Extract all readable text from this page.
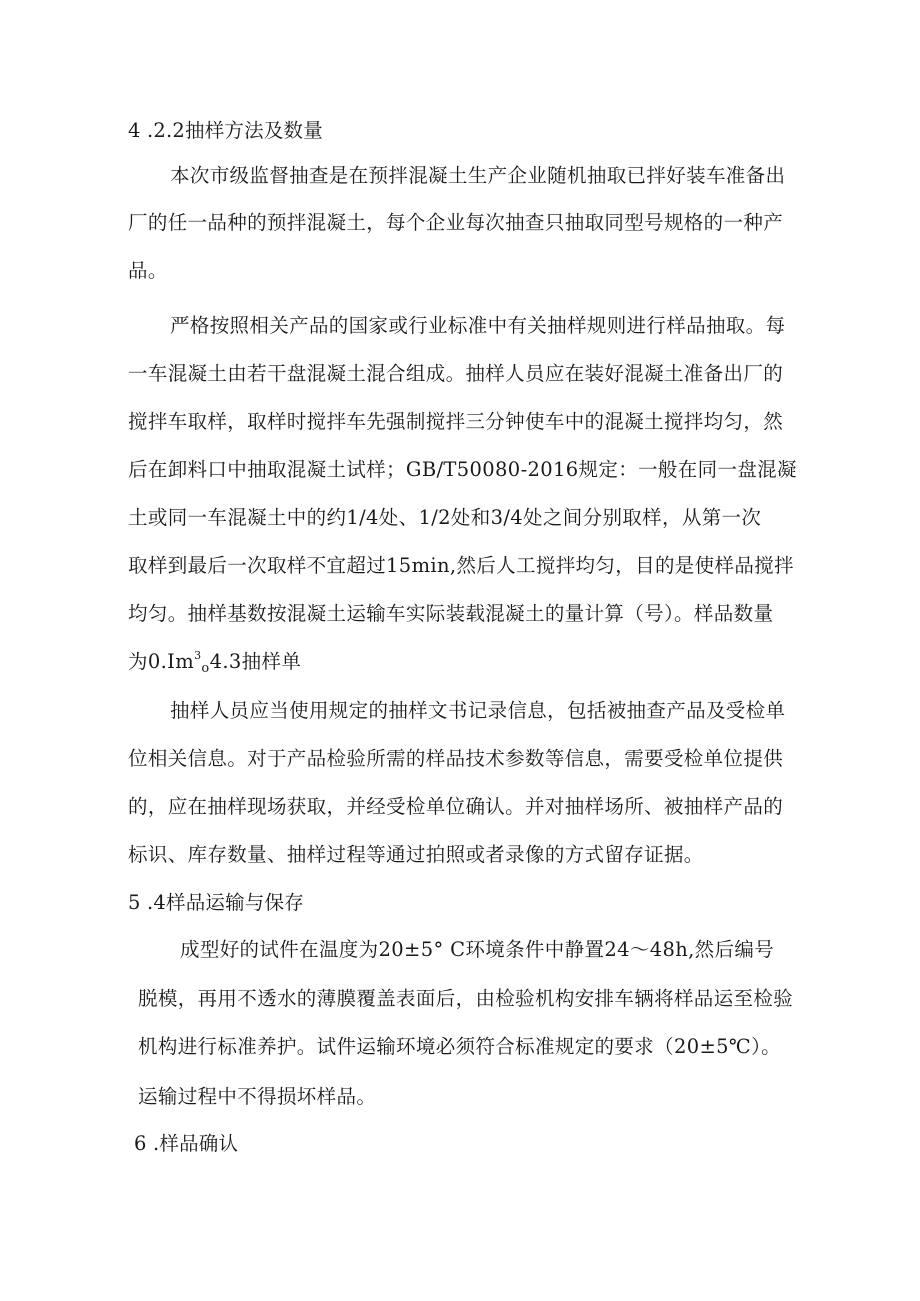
4 .2.2抽样方法及数量
本次市级监督抽查是在预拌混凝土生产企业随机抽取已拌好装车准备出
厂的任一品种的预拌混凝土，每个企业每次抽查只抽取同型号规格的一种产
品。
严格按照相关产品的国家或行业标准中有关抽样规则进行样品抽取。每
一车混凝土由若干盘混凝土混合组成。抽样人员应在装好混凝土准备出厂的
搅拌车取样，取样时搅拌车先强制搅拌三分钟使车中的混凝土搅拌均匀，然
后在卸料口中抽取混凝土试样；GB/T50080-2016规定：一般在同一盘混凝
土或同一车混凝土中的约1/4处、1/2处和3/4处之间分别取样，从第一次
取样到最后一次取样不宜超过15min,然后人工搅拌均匀，目的是使样品搅拌
均匀。抽样基数按混凝土运输车实际装载混凝土的量计算（号）。样品数量
为$0.Im^3_o4.3$抽样单
抽样人员应当使用规定的抽样文书记录信息，包括被抽查产品及受检单
位相关信息。对于产品检验所需的样品技术参数等信息，需要受检单位提供
的，应在抽样现场获取，并经受检单位确认。并对抽样场所、被抽样产品的
标识、库存数量、抽样过程等通过拍照或者录像的方式留存证据。
5 .4样品运输与保存
成型好的试件在温度为20±5° C环境条件中静置24～48h,然后编号
脱模，再用不透水的薄膜覆盖表面后，由检验机构安排车辆将样品运至检验
机构进行标准养护。试件运输环境必须符合标准规定的要求（20±5℃）。
运输过程中不得损坏样品。
6 .样品确认
